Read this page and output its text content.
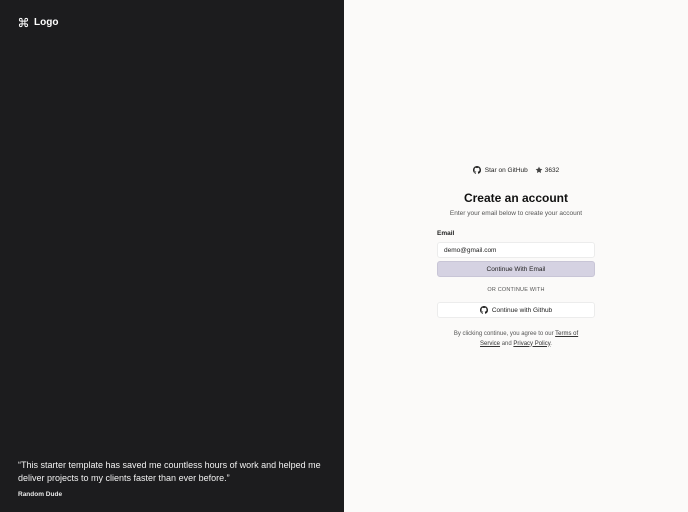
Logo

“This starter template has saved me countless hours of work and helped me deliver projects to my clients faster than ever before.”

Random Dude

Star on GitHub	3632
Create an account

Enter your email below to create your account

Email
demo@gmail.com
Continue With Email
OR CONTINUE WITH
Continue with Github

By clicking continue, you agree to our Terms of Service and Privacy Policy.
